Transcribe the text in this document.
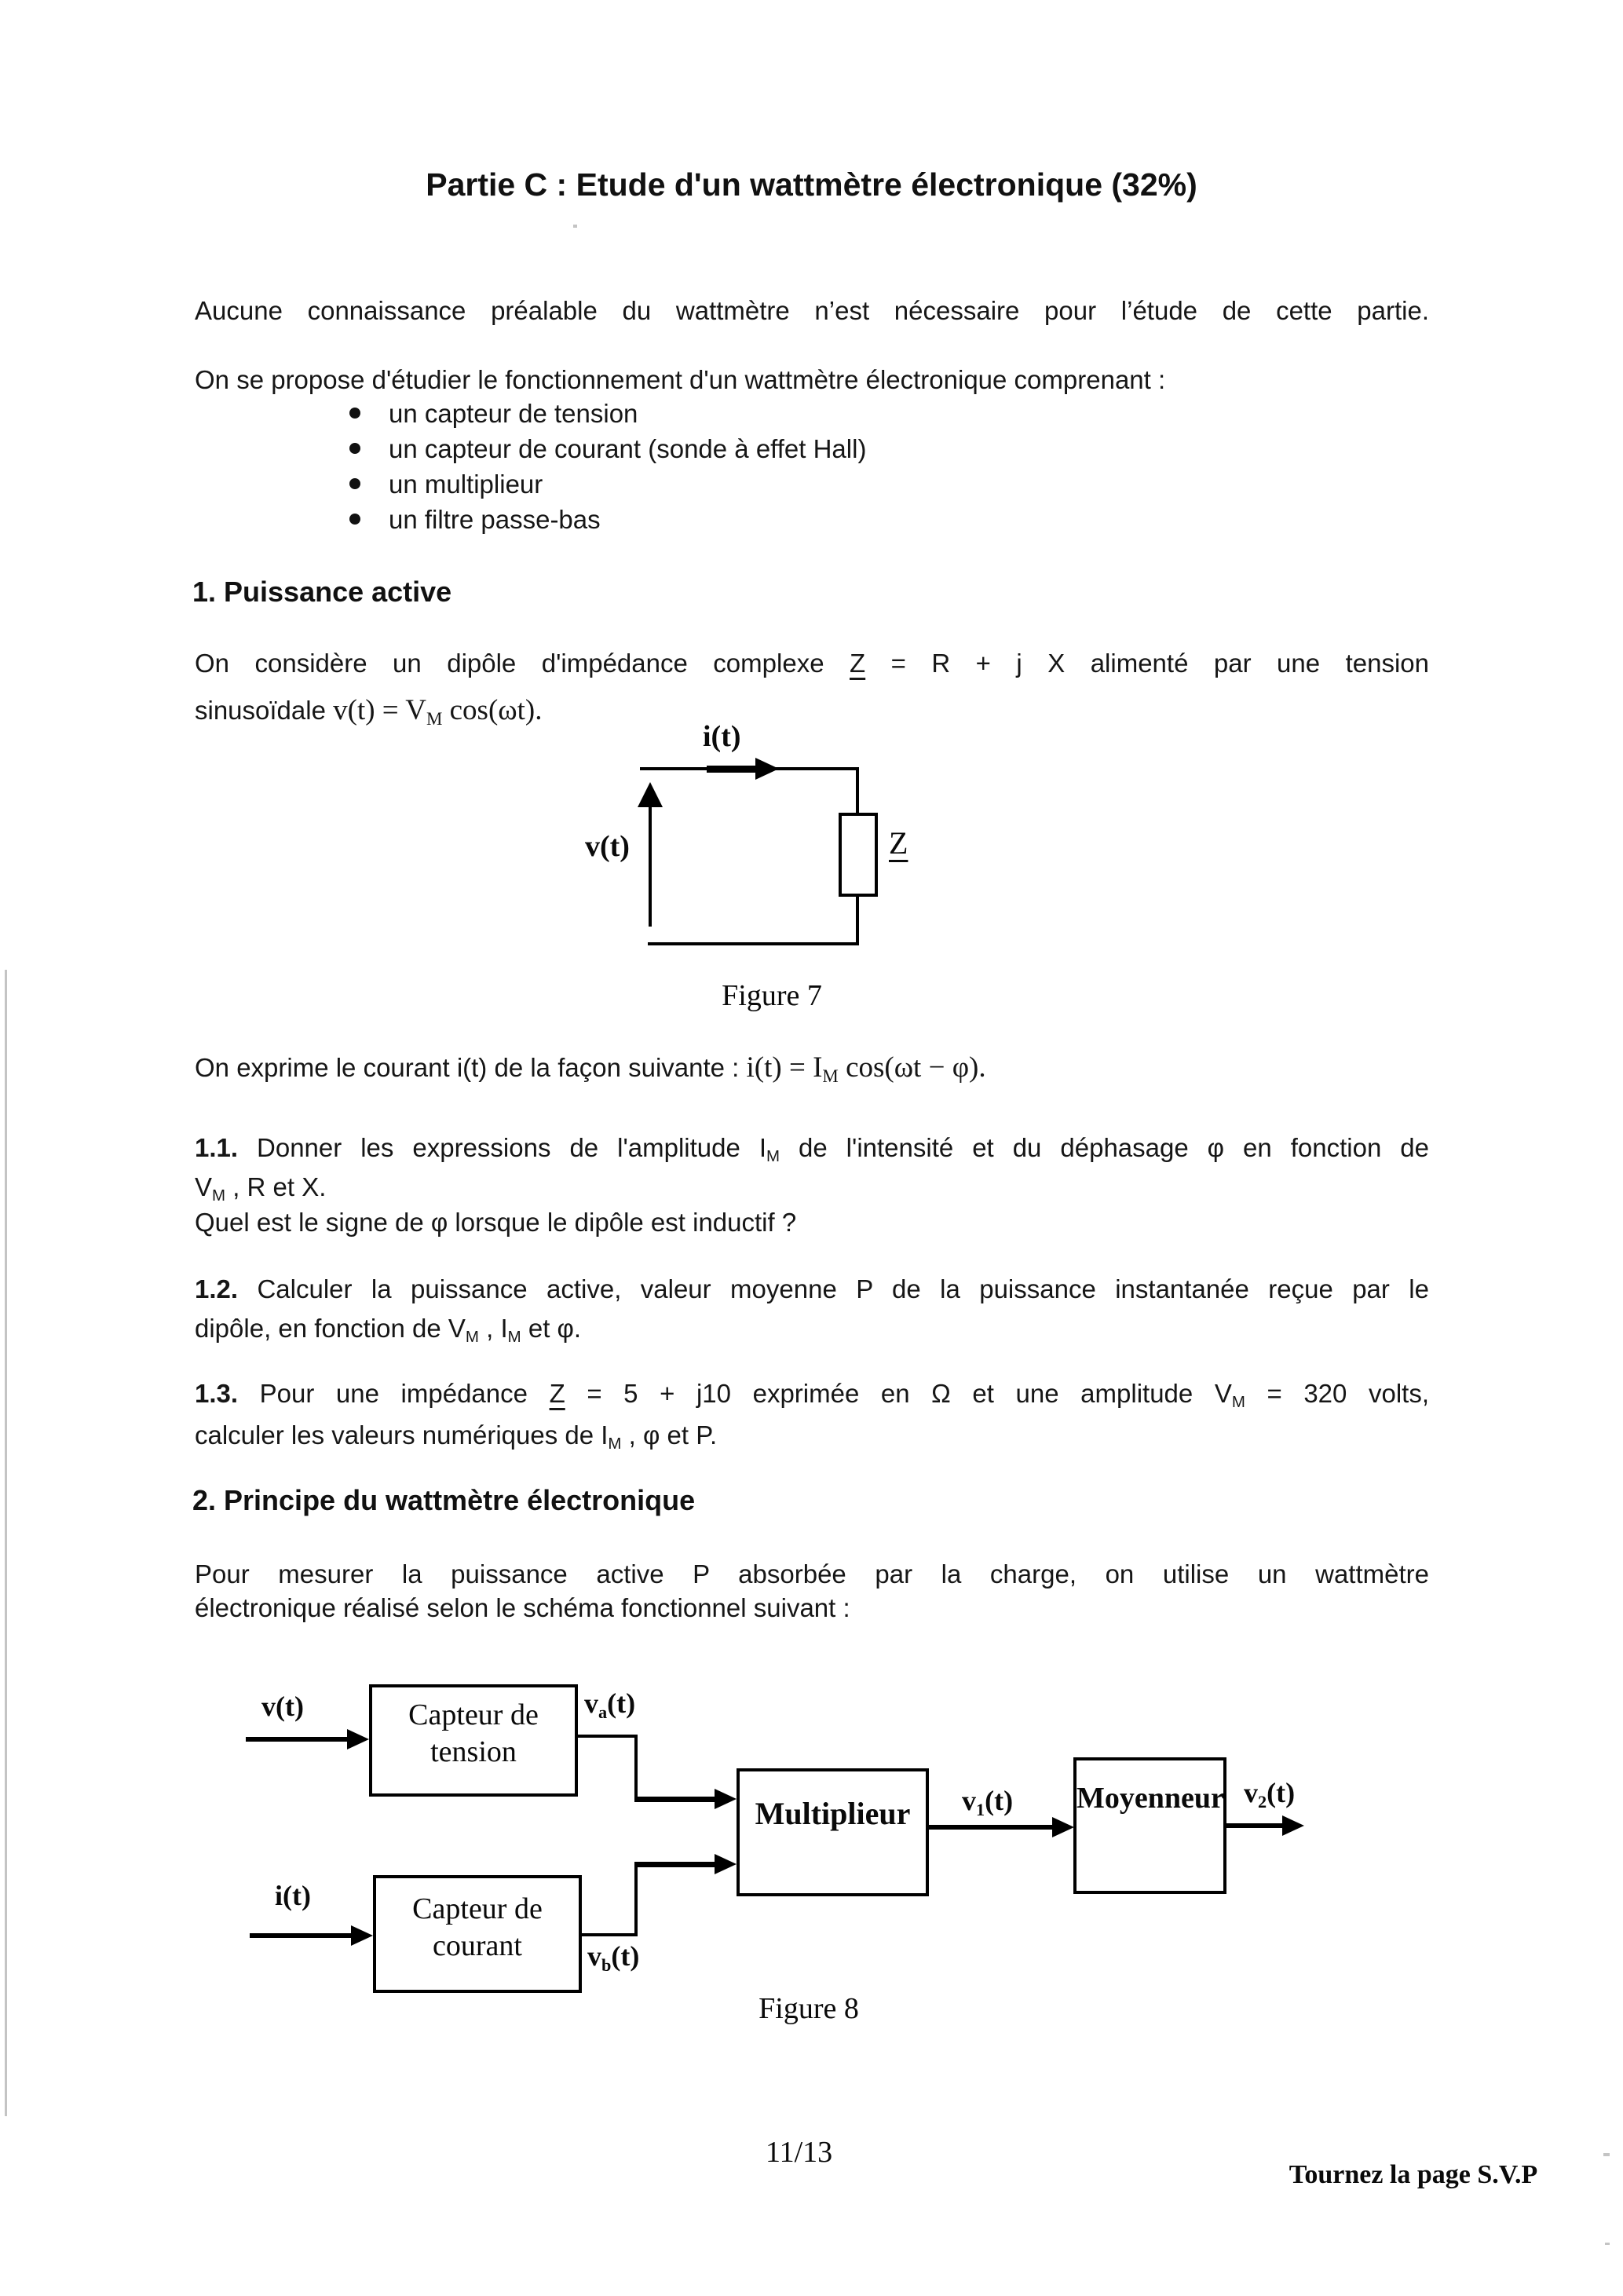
Partie C : Etude d'un wattmètre électronique (32%)
Aucune connaissance préalable du wattmètre n’est nécessaire pour l’étude de cette partie.
On se propose d'étudier le fonctionnement d'un wattmètre électronique comprenant :
un capteur de tension
un capteur de courant (sonde à effet Hall)
un multiplieur
un filtre passe-bas
1. Puissance active
On considère un dipôle d'impédance complexe Z = R + j X alimenté par une tension
sinusoïdale v(t) = VM cos(ωt).
i(t)
v(t)	Z
Figure 7
On exprime le courant i(t) de la façon suivante : i(t) = IM cos(ωt − φ).
1.1. Donner les expressions de l'amplitude IM de l'intensité et du déphasage φ en fonction de
VM , R et X.
Quel est le signe de φ lorsque le dipôle est inductif ?
1.2. Calculer la puissance active, valeur moyenne P de la puissance instantanée reçue par le
dipôle, en fonction de VM , IM et φ.
1.3. Pour une impédance Z = 5 + j10 exprimée en Ω et une amplitude VM = 320 volts,
calculer les valeurs numériques de IM , φ et P.
2. Principe du wattmètre électronique
Pour mesurer la puissance active P absorbée par la charge, on utilise un wattmètre
électronique réalisé selon le schéma fonctionnel suivant :
v(t)	Capteur de
tension
va(t)
i(t)	Capteur de
courant	vb(t)
Multiplieur	v1(t) Moyenneur v2(t)
Figure 8
11/13
Tournez la page S.V.P
